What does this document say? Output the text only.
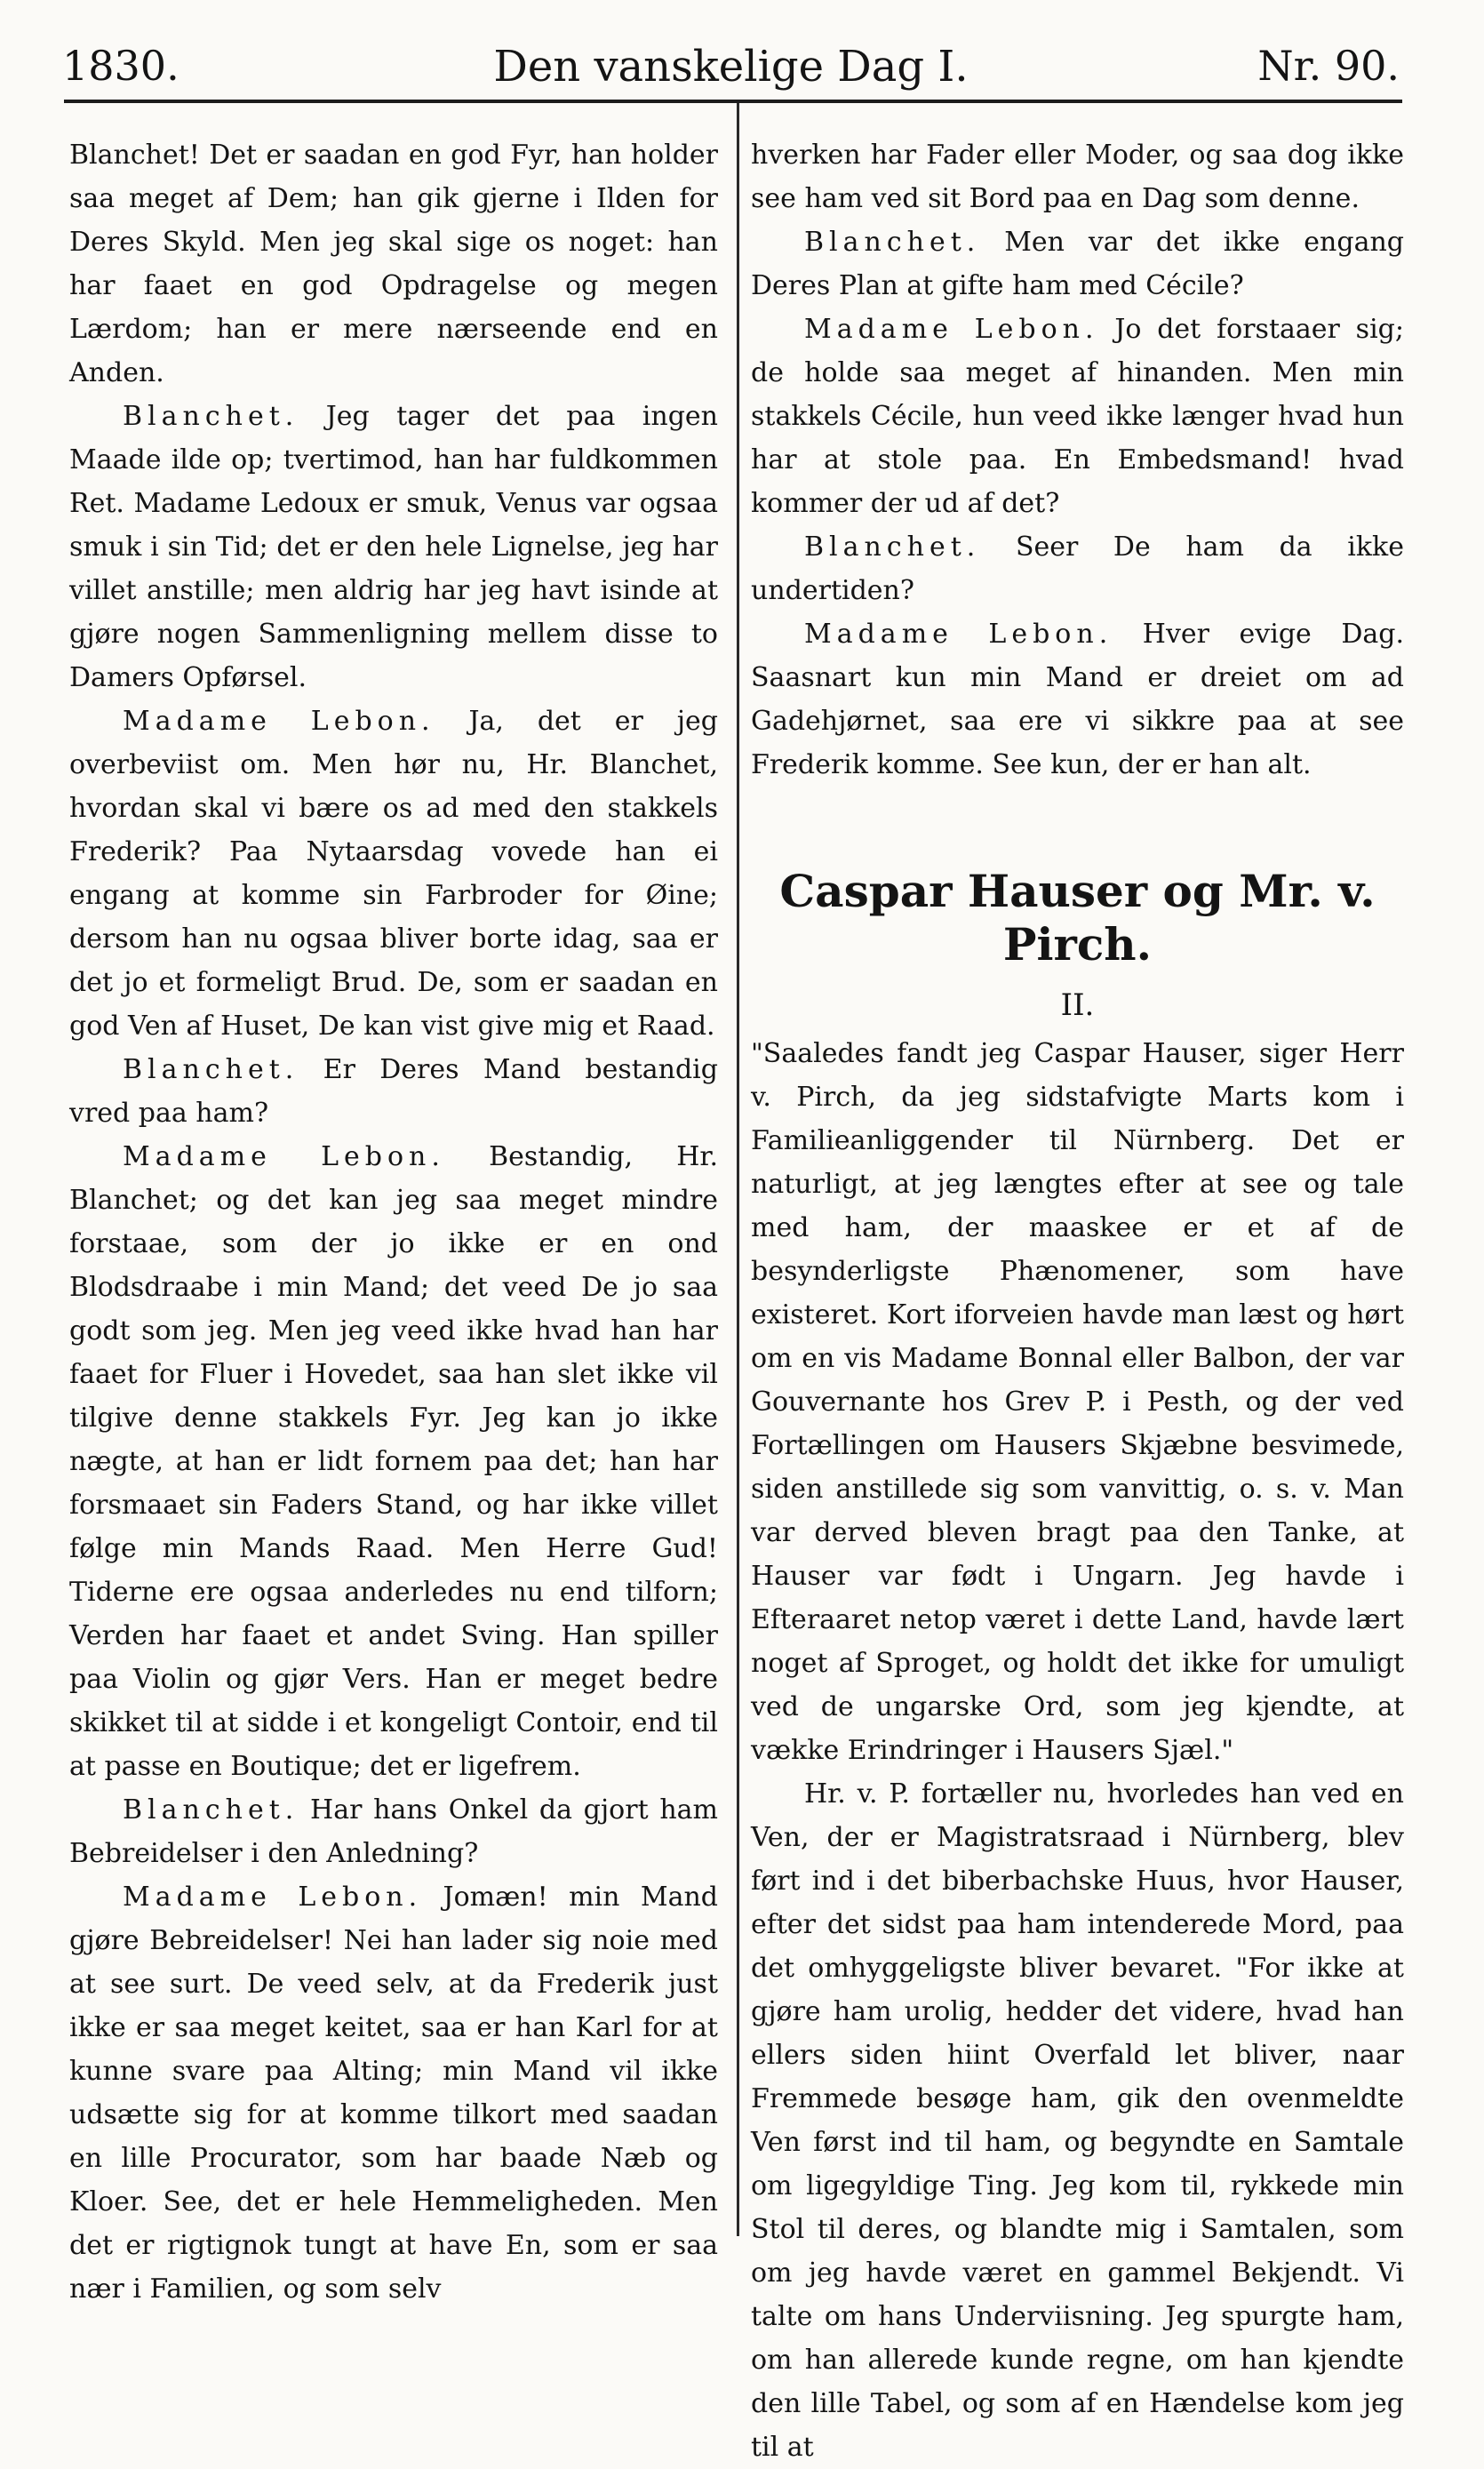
1830.	Den vanskelige Dag I.	Nr. 90.

Blanchet! Det er saadan en god Fyr, han holder saa meget af Dem; han gik gjerne i Ilden for Deres Skyld. Men jeg skal sige os noget: han har faaet en god Opdragelse og megen Lærdom; han er mere nærseende end en Anden.

Blanchet. Jeg tager det paa ingen Maade ilde op; tvertimod, han har fuldkommen Ret. Madame Ledoux er smuk, Venus var ogsaa smuk i sin Tid; det er den hele Lignelse, jeg har villet anstille; men aldrig har jeg havt isinde at gjøre nogen Sammenligning mellem disse to Damers Opførsel.

Madame Lebon. Ja, det er jeg overbeviist om. Men hør nu, Hr. Blanchet, hvordan skal vi bære os ad med den stakkels Frederik? Paa Nytaarsdag vovede han ei engang at komme sin Farbroder for Øine; dersom han nu ogsaa bliver borte idag, saa er det jo et formeligt Brud. De, som er saadan en god Ven af Huset, De kan vist give mig et Raad.

Blanchet. Er Deres Mand bestandig vred paa ham?

Madame Lebon. Bestandig, Hr. Blanchet; og det kan jeg saa meget mindre forstaae, som der jo ikke er en ond Blodsdraabe i min Mand; det veed De jo saa godt som jeg. Men jeg veed ikke hvad han har faaet for Fluer i Hovedet, saa han slet ikke vil tilgive denne stakkels Fyr. Jeg kan jo ikke nægte, at han er lidt fornem paa det; han har forsmaaet sin Faders Stand, og har ikke villet følge min Mands Raad. Men Herre Gud! Tiderne ere ogsaa anderledes nu end tilforn; Verden har faaet et andet Sving. Han spiller paa Violin og gjør Vers. Han er meget bedre skikket til at sidde i et kongeligt Contoir, end til at passe en Boutique; det er ligefrem.

Blanchet. Har hans Onkel da gjort ham Bebreidelser i den Anledning?

Madame Lebon. Jomæn! min Mand gjøre Bebreidelser! Nei han lader sig noie med at see surt. De veed selv, at da Frederik just ikke er saa meget keitet, saa er han Karl for at kunne svare paa Alting; min Mand vil ikke udsætte sig for at komme tilkort med saadan en lille Procurator, som har baade Næb og Kloer. See, det er hele Hemmeligheden. Men det er rigtignok tungt at have En, som er saa nær i Familien, og som selv

hverken har Fader eller Moder, og saa dog ikke see ham ved sit Bord paa en Dag som denne.

Blanchet. Men var det ikke engang Deres Plan at gifte ham med Cécile?

Madame Lebon. Jo det forstaaer sig; de holde saa meget af hinanden. Men min stakkels Cécile, hun veed ikke længer hvad hun har at stole paa. En Embedsmand! hvad kommer der ud af det?

Blanchet. Seer De ham da ikke undertiden?

Madame Lebon. Hver evige Dag. Saasnart kun min Mand er dreiet om ad Gadehjørnet, saa ere vi sikkre paa at see Frederik komme. See kun, der er han alt.

Caspar Hauser og Mr. v. Pirch.
II.

"Saaledes fandt jeg Caspar Hauser, siger Herr v. Pirch, da jeg sidstafvigte Marts kom i Familieanliggender til Nürnberg. Det er naturligt, at jeg længtes efter at see og tale med ham, der maaskee er et af de besynderligste Phænomener, som have existeret. Kort iforveien havde man læst og hørt om en vis Madame Bonnal eller Balbon, der var Gouvernante hos Grev P. i Pesth, og der ved Fortællingen om Hausers Skjæbne besvimede, siden anstillede sig som vanvittig, o. s. v. Man var derved bleven bragt paa den Tanke, at Hauser var født i Ungarn. Jeg havde i Efteraaret netop været i dette Land, havde lært noget af Sproget, og holdt det ikke for umuligt ved de ungarske Ord, som jeg kjendte, at vække Erindringer i Hausers Sjæl."

Hr. v. P. fortæller nu, hvorledes han ved en Ven, der er Magistratsraad i Nürnberg, blev ført ind i det biberbachske Huus, hvor Hauser, efter det sidst paa ham intenderede Mord, paa det omhyggeligste bliver bevaret. "For ikke at gjøre ham urolig, hedder det videre, hvad han ellers siden hiint Overfald let bliver, naar Fremmede besøge ham, gik den ovenmeldte Ven først ind til ham, og begyndte en Samtale om ligegyldige Ting. Jeg kom til, rykkede min Stol til deres, og blandte mig i Samtalen, som om jeg havde været en gammel Bekjendt. Vi talte om hans Underviisning. Jeg spurgte ham, om han allerede kunde regne, om han kjendte den lille Tabel, og som af en Hændelse kom jeg til at
